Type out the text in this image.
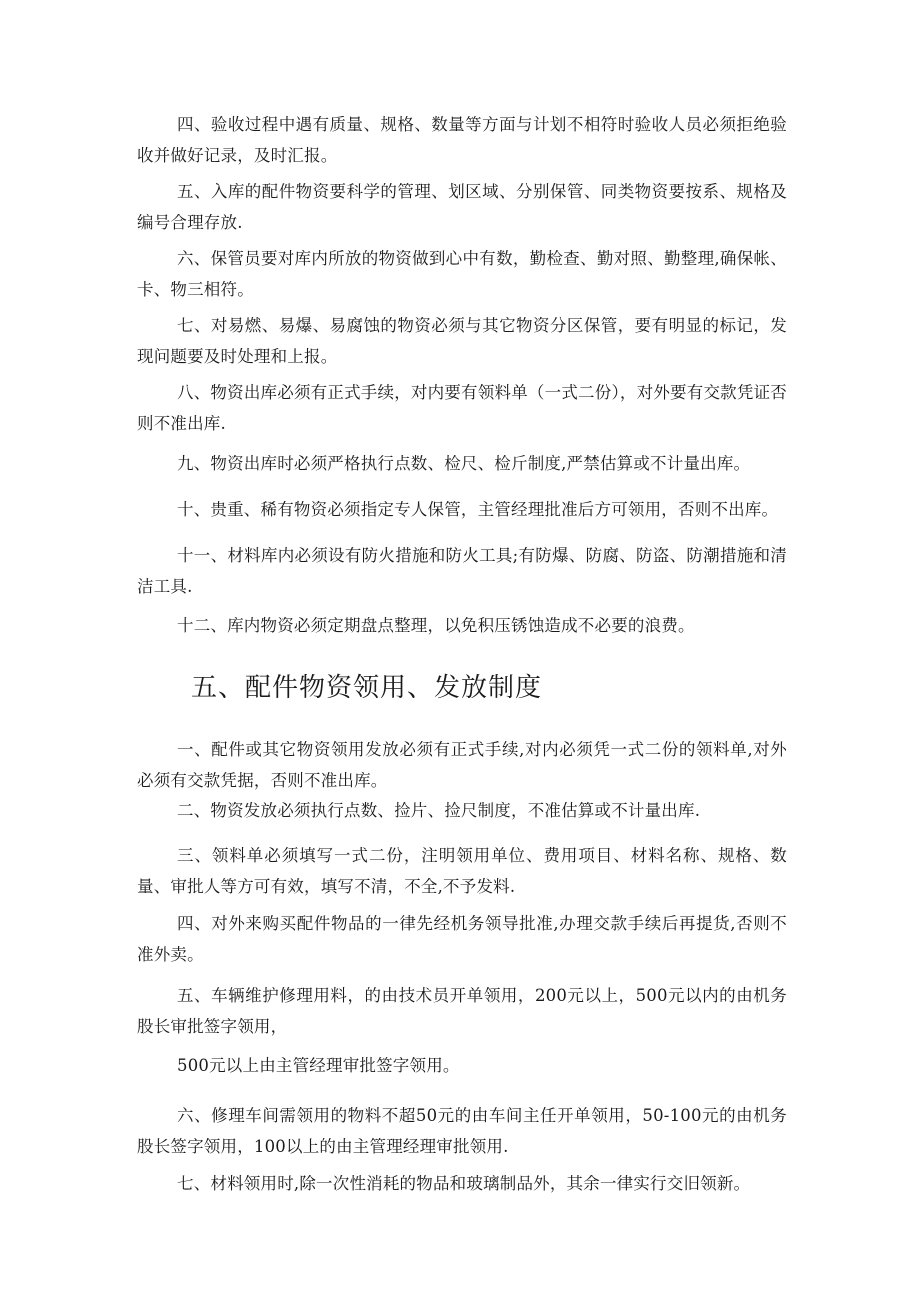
四、验收过程中遇有质量、规格、数量等方面与计划不相符时验收人员必须拒绝验收并做好记录，及时汇报。

五、入库的配件物资要科学的管理、划区域、分别保管、同类物资要按系、规格及编号合理存放.

六、保管员要对库内所放的物资做到心中有数，勤检查、勤对照、勤整理,确保帐、卡、物三相符。

七、对易燃、易爆、易腐蚀的物资必须与其它物资分区保管，要有明显的标记，发现问题要及时处理和上报。

八、物资出库必须有正式手续，对内要有领料单（一式二份），对外要有交款凭证否则不准出库.

九、物资出库时必须严格执行点数、检尺、检斤制度,严禁估算或不计量出库。

十、贵重、稀有物资必须指定专人保管，主管经理批准后方可领用，否则不出库。

十一、材料库内必须设有防火措施和防火工具;有防爆、防腐、防盗、防潮措施和清洁工具.

十二、库内物资必须定期盘点整理，以免积压锈蚀造成不必要的浪费。

五、配件物资领用、发放制度

一、配件或其它物资领用发放必须有正式手续,对内必须凭一式二份的领料单,对外必须有交款凭据，否则不准出库。

二、物资发放必须执行点数、捡片、捡尺制度，不准估算或不计量出库.

三、领料单必须填写一式二份，注明领用单位、费用项目、材料名称、规格、数量、审批人等方可有效，填写不清，不全,不予发料.

四、对外来购买配件物品的一律先经机务领导批准,办理交款手续后再提货,否则不准外卖。

五、车辆维护修理用料，的由技术员开单领用，200元以上，500元以内的由机务股长审批签字领用，

500元以上由主管经理审批签字领用。

六、修理车间需领用的物料不超50元的由车间主任开单领用，50-100元的由机务股长签字领用，100以上的由主管理经理审批领用.

七、材料领用时,除一次性消耗的物品和玻璃制品外，其余一律实行交旧领新。
